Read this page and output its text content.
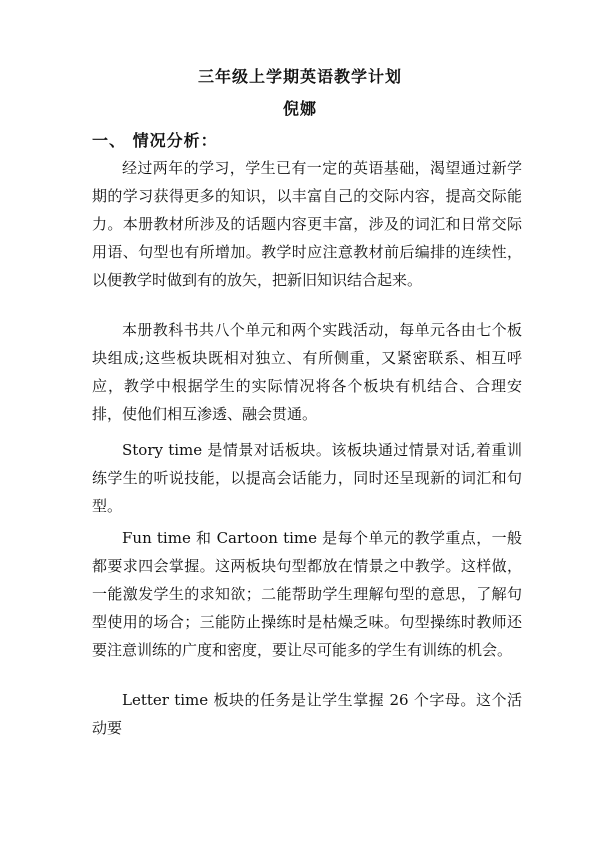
三年级上学期英语教学计划
倪娜
一、 情况分析：

经过两年的学习，学生已有一定的英语基础，渴望通过新学期的学习获得更多的知识，以丰富自己的交际内容，提高交际能力。本册教材所涉及的话题内容更丰富，涉及的词汇和日常交际用语、句型也有所增加。教学时应注意教材前后编排的连续性，以便教学时做到有的放矢，把新旧知识结合起来。

本册教科书共八个单元和两个实践活动，每单元各由七个板块组成;这些板块既相对独立、有所侧重，又紧密联系、相互呼应，教学中根据学生的实际情况将各个板块有机结合、合理安排，使他们相互渗透、融会贯通。

Story time 是情景对话板块。该板块通过情景对话,着重训练学生的听说技能，以提高会话能力，同时还呈现新的词汇和句型。

Fun time 和 Cartoon time 是每个单元的教学重点，一般都要求四会掌握。这两板块句型都放在情景之中教学。这样做，一能激发学生的求知欲；二能帮助学生理解句型的意思，了解句型使用的场合；三能防止操练时是枯燥乏味。句型操练时教师还要注意训练的广度和密度，要让尽可能多的学生有训练的机会。

Letter time 板块的任务是让学生掌握 26 个字母。这个活动要
